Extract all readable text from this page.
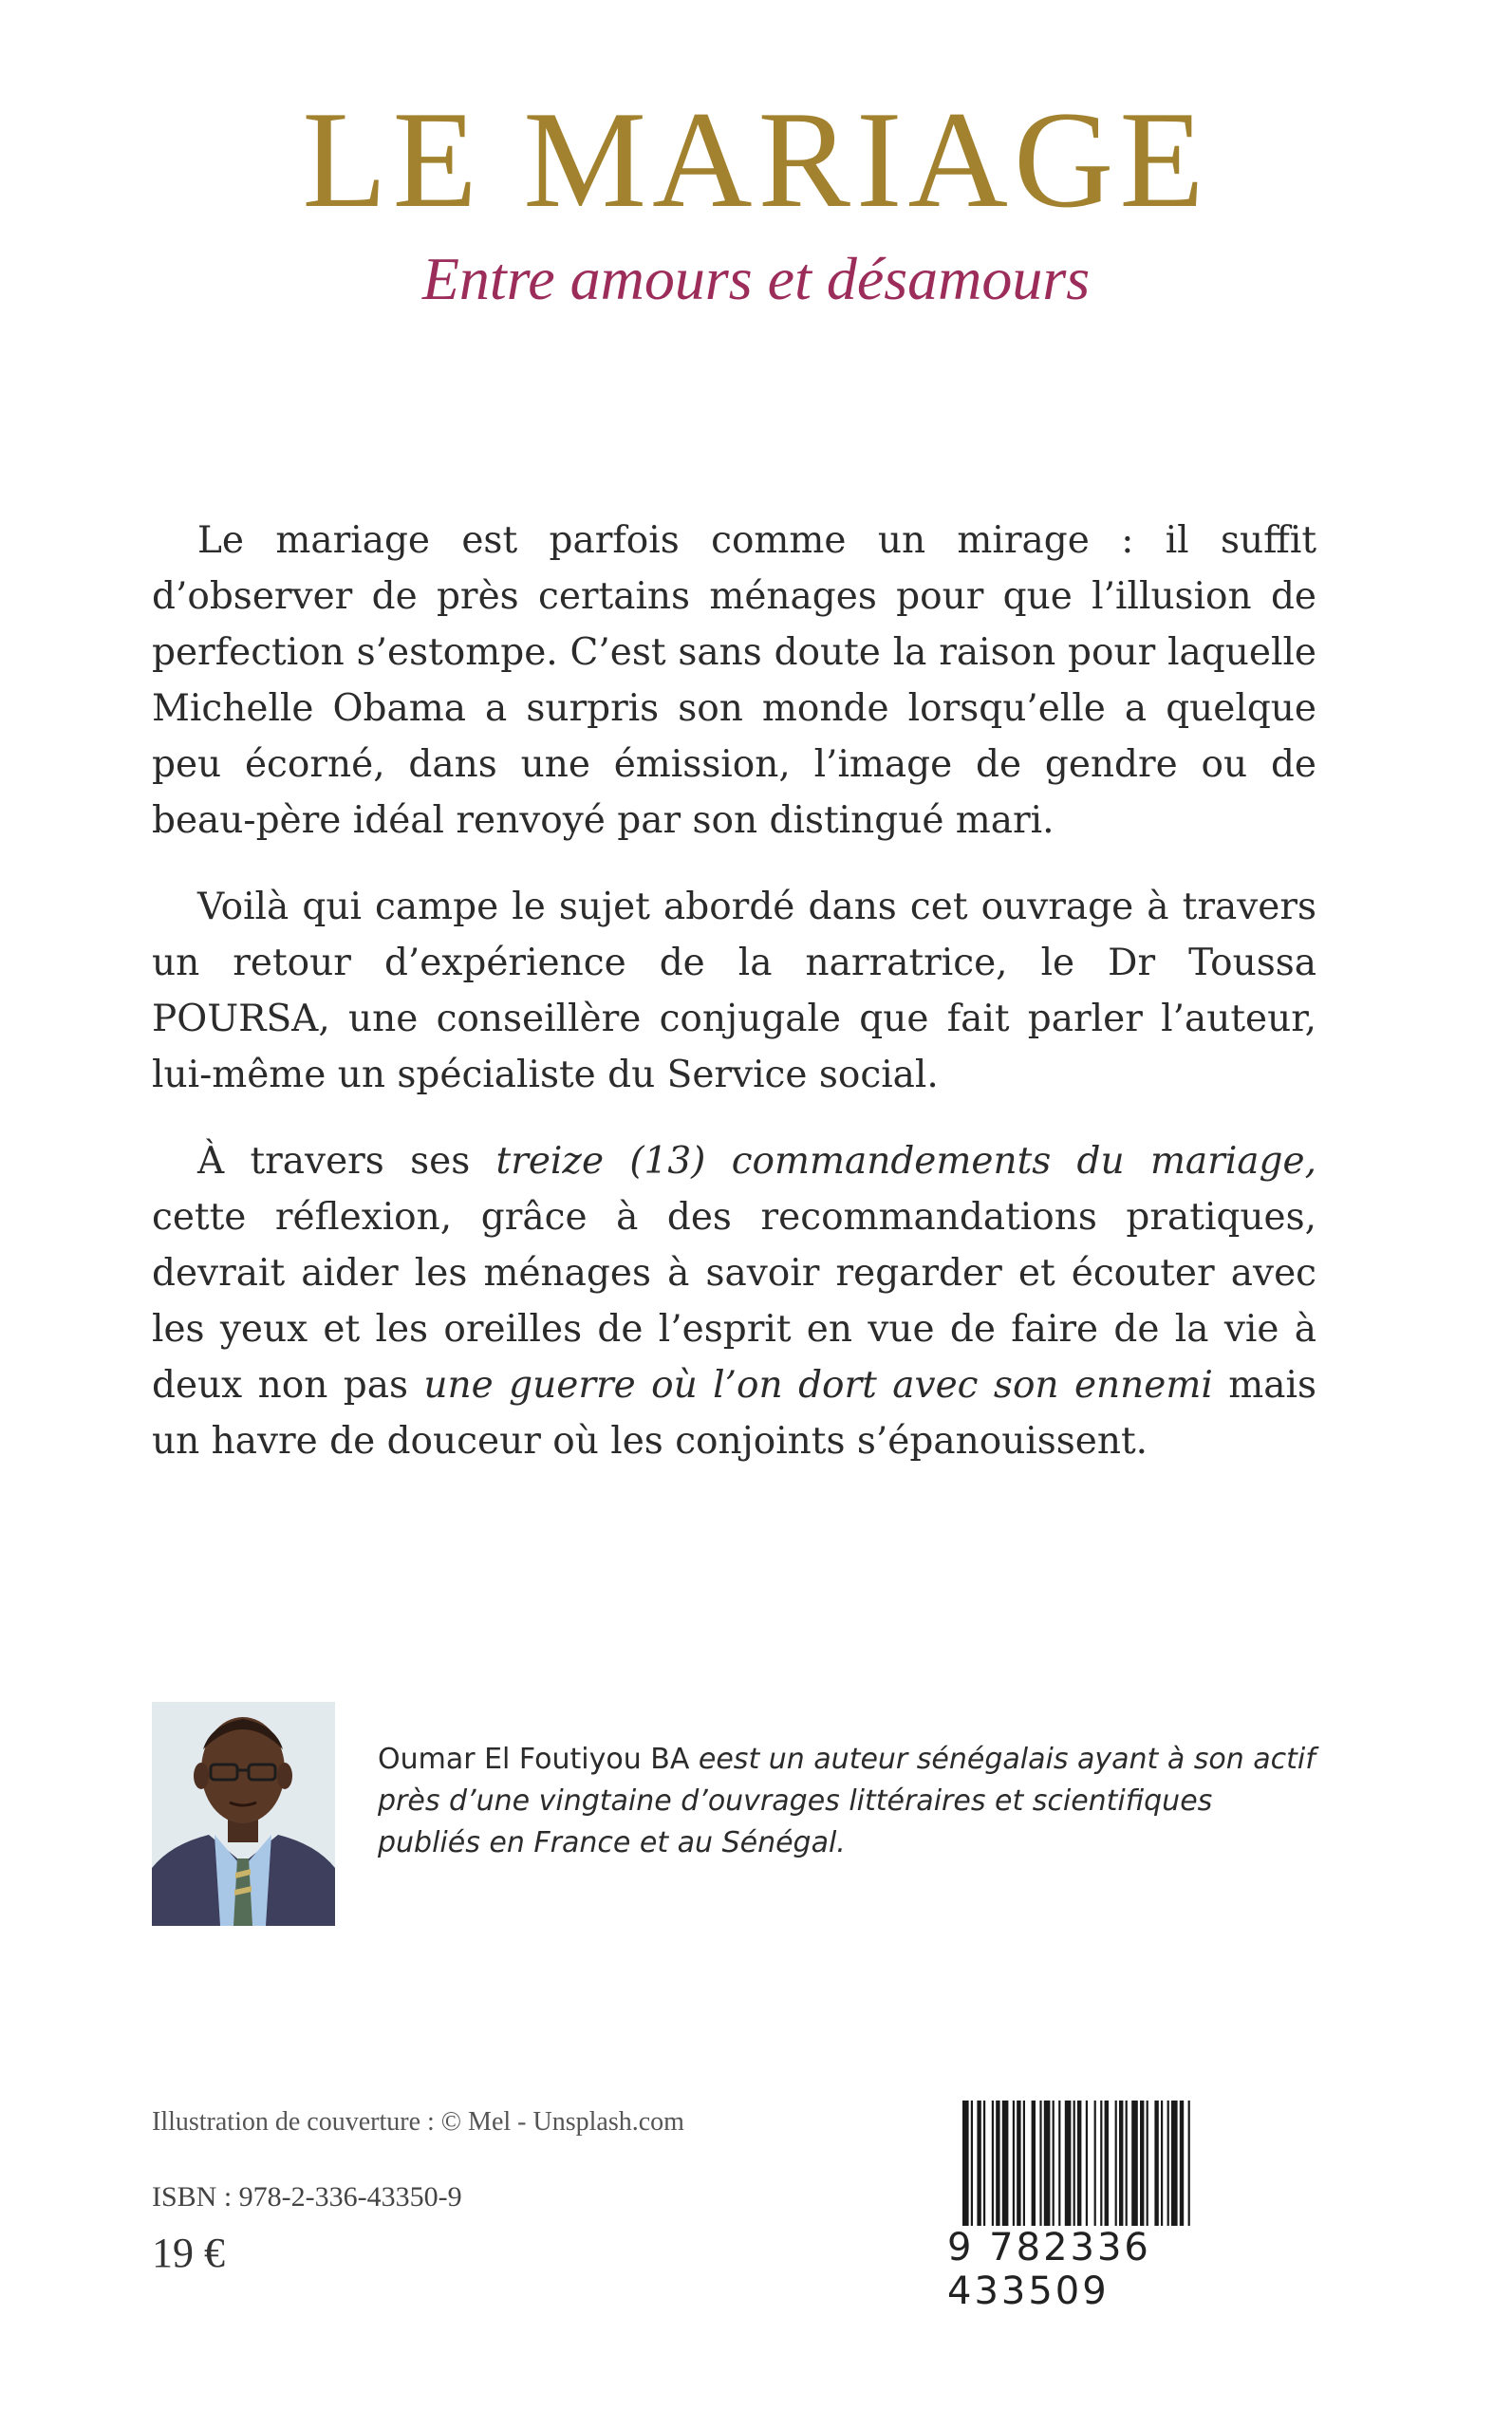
LE MARIAGE
Entre amours et désamours

Le mariage est parfois comme un mirage : il suffit d’observer de près certains ménages pour que l’illusion de perfection s’estompe. C’est sans doute la raison pour laquelle Michelle Obama a surpris son monde lorsqu’elle a quelque peu écorné, dans une émission, l’image de gendre ou de beau-père idéal renvoyé par son distingué mari.

Voilà qui campe le sujet abordé dans cet ouvrage à travers un retour d’expérience de la narratrice, le Dr Toussa POURSA, une conseillère conjugale que fait parler l’auteur, lui-même un spécialiste du Service social.

À travers ses treize (13) commandements du mariage, cette réflexion, grâce à des recommandations pratiques, devrait aider les ménages à savoir regarder et écouter avec les yeux et les oreilles de l’esprit en vue de faire de la vie à deux non pas une guerre où l’on dort avec son ennemi mais un havre de douceur où les conjoints s’épanouissent.

Oumar El Foutiyou BA eest un auteur sénégalais ayant à son actif près d’une vingtaine d’ouvrages littéraires et scientifiques publiés en France et au Sénégal.
Illustration de couverture : © Mel - Unsplash.com
ISBN : 978-2-336-43350-9
19 €	9 782336 433509
